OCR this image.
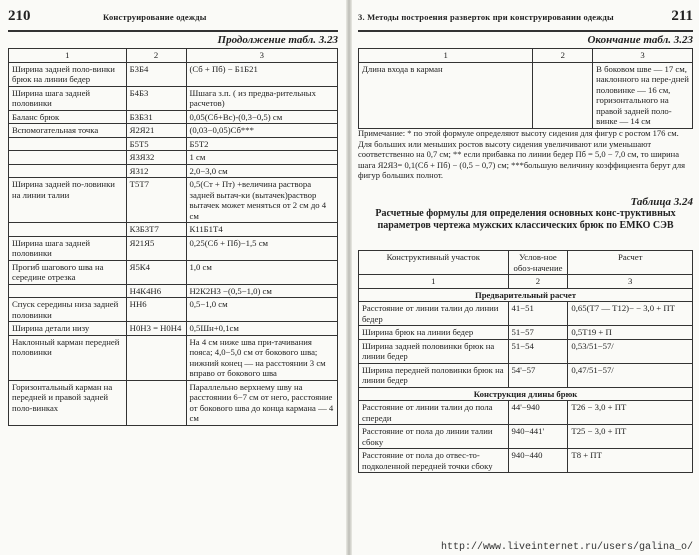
210	Конструирование одежды
Продолжение табл. 3.23
1	2	3
Ширина задней поло-винки брюк на линии бедер	Б3Б4	(Сб + Пб) − Б1Б21
Ширина шага задней половинки	Б4Б3	Шшага з.п. ( из предва-рительных расчетов)
Баланс брюк	Б3Б31	0,05(Сб+Вс)-(0,3−0,5) см
Вспомогательная точка	Я2Я21	(0,03−0,05)Сб***
	Б5Т5	Б5Т2
	Я3Я32	1 см
	Я312	2,0−3,0 см
Ширина задней по-ловинки на линии талии	Т5Т7	0,5(Ст + Пт) +величина раствора задней вытач-ки (вытачек)раствор вытачек может меняться от 2 см до 4 см
	К3Б3Т7	К11Б1Т4
Ширина шага задней половинки	Я21Я5	0,25(Сб + Пб)−1,5 см
Прогиб шагового шва на середине отрезка	Я5К4	1,0 см
	Н4К4Н6	Н2К2Н3 −(0,5−1,0) см
Спуск середины низа задней половинки	НН6	0,5−1,0 см
Ширина детали низу	Н0Н3 = Н0Н4	0,5Шн+0,1см
Наклонный карман передней половинки		На 4 см ниже шва при-тачивания пояса; 4,0−5,0 см от бокового шва; нижний конец — на расстоянии 3 см вправо от бокового шва
Горизонтальный карман на передней и правой задней поло-винках		Параллельно верхнему шву на расстоянии 6−7 см от него, расстояние от бокового шва до конца кармана — 4 см
3. Методы построения разверток при конструировании одежды	211
Окончание табл. 3.23
1	2	3
Длина входа в карман		В боковом шве — 17 см, наклонного на пере-дней половинке — 16 см, горизонтального на правой задней поло-винке — 14 см
Примечание: * по этой формуле определяют высоту сидения для фигур с ростом 176 см. Для больших или меньших ростов высоту сидения увеличивают или уменьшают соответственно на 0,7 см; ** если прибавка по линии бедер Пб = 5,0 − 7,0 см, то ширина шага Я2Я3= 0,1(Сб + Пб) − (0,5 − 0,7) см; ***большую величину коэффициента берут для фигур больших полнот.
Таблица 3.24
Расчетные формулы для определения основных конс-труктивных параметров чертежа мужских классических брюк по ЕМКО СЭВ
Конструктивный участок	Услов-ное обоз-начение	Расчет
1	2	3
Предварительный расчет		
Расстояние от линии талии до линии бедер	41−51	0,65(Т7 — Т12)− − 3,0 + ПТ
Ширина брюк на линии бедер	51−57	0,5Т19 + П
Ширина задней половинки брюк на линии бедер	51−54	0,53/51−57/
Ширина передней половинки брюк на линии бедер	54'−57	0,47/51−57/
Конструкция длины брюк		
Расстояние от линии талии до пола спереди	44'−940	Т26 − 3,0 + ПТ
Расстояние от пола до линии талии сбоку	940−441'	Т25 − 3,0 + ПТ
Расстояние от пола до отвес-то-подколенной передней точки сбоку	940−440	Т8 + ПТ
http://www.liveinternet.ru/users/galina_o/
